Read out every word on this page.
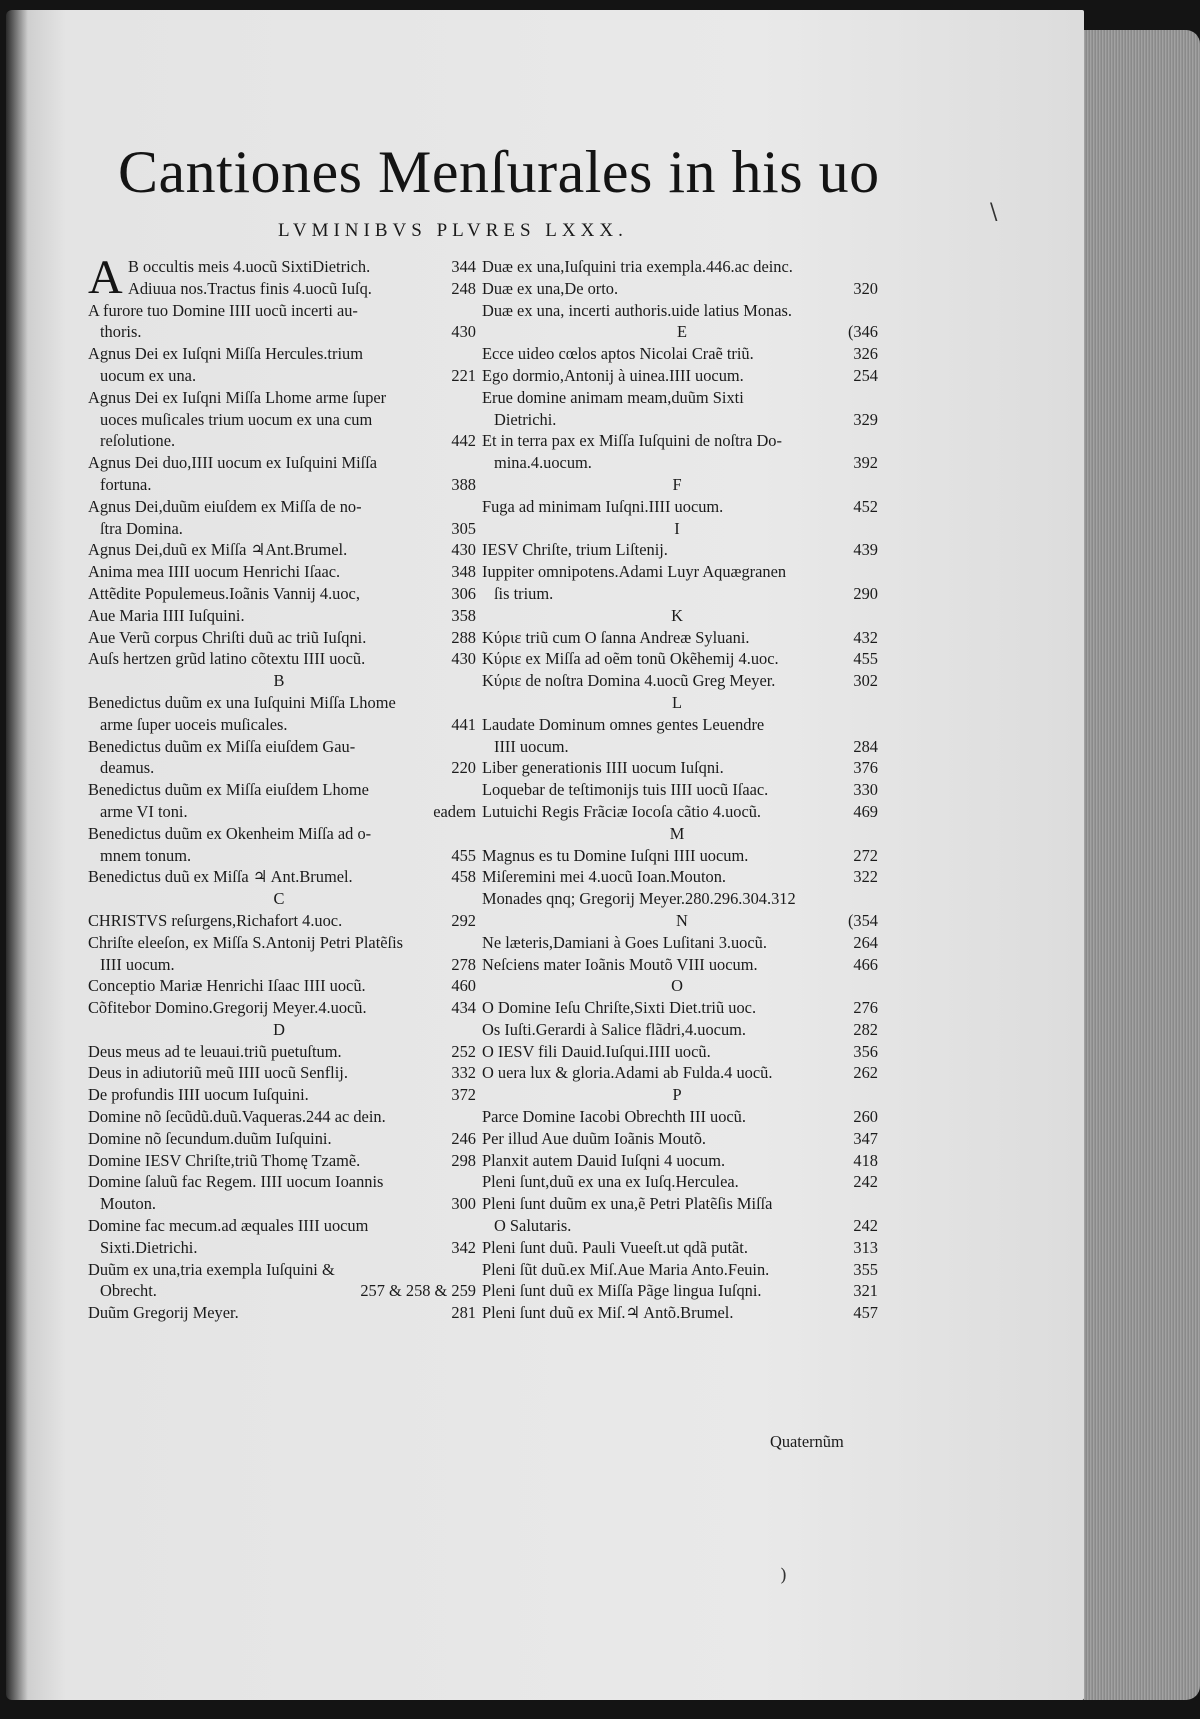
Cantiones Menſurales in his uo
LVMINIBVS PLVRES LXXX.
A B occultis meis 4.uocũ SixtiDietrich.	344
Adiuua nos.Tractus finis 4.uocũ Iuſq.	248
A furore tuo Domine IIII uocũ incerti au-
thoris.	430
Agnus Dei ex Iuſqni Miſſa Hercules.trium
uocum ex una.	221
Agnus Dei ex Iuſqni Miſſa Lhome arme ſuper
uoces muſicales trium uocum ex una cum
reſolutione.	442
Agnus Dei duo,IIII uocum ex Iuſquini Miſſa
fortuna.	388
Agnus Dei,duũm eiuſdem ex Miſſa de no-
ſtra Domina.	305
Agnus Dei,duũ ex Miſſa ♃Ant.Brumel.	430
Anima mea IIII uocum Henrichi Iſaac.	348
Attẽdite Populemeus.Ioãnis Vannij 4.uoc,	306
Aue Maria IIII Iuſquini.	358
Aue Verũ corpus Chriſti duũ ac triũ Iuſqni.	288
Auſs hertzen grũd latino cõtextu IIII uocũ.	430
B
Benedictus duũm ex una Iuſquini Miſſa Lhome
arme ſuper uoceis muſicales.	441
Benedictus duũm ex Miſſa eiuſdem Gau-
deamus.	220
Benedictus duũm ex Miſſa eiuſdem Lhome
arme VI toni.	eadem
Benedictus duũm ex Okenheim Miſſa ad o-
mnem tonum.	455
Benedictus duũ ex Miſſa ♃ Ant.Brumel.	458
C
CHRISTVS reſurgens,Richafort 4.uoc.	292
Chriſte eleeſon, ex Miſſa S.Antonij Petri Platẽſis
IIII uocum.	278
Conceptio Mariæ Henrichi Iſaac IIII uocũ.	460
Cõfitebor Domino.Gregorij Meyer.4.uocũ.	434
D
Deus meus ad te leuaui.triũ puetuſtum.	252
Deus in adiutoriũ meũ IIII uocũ Senflij.	332
De profundis IIII uocum Iuſquini.	372
Domine nõ ſecũdũ.duũ.Vaqueras.244 ac dein.
Domine nõ ſecundum.duũm Iuſquini.	246
Domine IESV Chriſte,triũ Thomę Tzamẽ.	298
Domine ſaluũ fac Regem. IIII uocum Ioannis
Mouton.	300
Domine fac mecum.ad æquales IIII uocum
Sixti.Dietrichi.	342
Duũm ex una,tria exempla Iuſquini &
Obrecht.	257 & 258 & 259
Duũm Gregorij Meyer.	281
Duæ ex una,Iuſquini tria exempla.446.ac deinc.
Duæ ex una,De orto.	320
Duæ ex una, incerti authoris.uide latius Monas.
E	(346
Ecce uideo cœlos aptos Nicolai Craẽ triũ.	326
Ego dormio,Antonij à uinea.IIII uocum.	254
Erue domine animam meam,duũm Sixti
Dietrichi.	329
Et in terra pax ex Miſſa Iuſquini de noſtra Do-
mina.4.uocum.	392
F
Fuga ad minimam Iuſqni.IIII uocum.	452
I
IESV Chriſte, trium Liſtenij.	439
Iuppiter omnipotens.Adami Luyr Aquægranen
ſis trium.	290
K
Κύριε triũ cum O ſanna Andreæ Syluani.	432
Κύριε ex Miſſa ad oẽm tonũ Okẽhemij 4.uoc.	455
Κύριε de noſtra Domina 4.uocũ Greg Meyer.	302
L
Laudate Dominum omnes gentes Leuendre
IIII uocum.	284
Liber generationis IIII uocum Iuſqni.	376
Loquebar de teſtimonijs tuis IIII uocũ Iſaac.	330
Lutuichi Regis Frãciæ Iocoſa cãtio 4.uocũ.	469
M
Magnus es tu Domine Iuſqni IIII uocum.	272
Miſeremini mei 4.uocũ Ioan.Mouton.	322
Monades qnq; Gregorij Meyer.280.296.304.312
N	(354
Ne læteris,Damiani à Goes Luſitani 3.uocũ.	264
Neſciens mater Ioãnis Moutõ VIII uocum.	466
O
O Domine Ieſu Chriſte,Sixti Diet.triũ uoc.	276
Os Iuſti.Gerardi à Salice flãdri,4.uocum.	282
O IESV fili Dauid.Iuſqui.IIII uocũ.	356
O uera lux & gloria.Adami ab Fulda.4 uocũ.	262
P
Parce Domine Iacobi Obrechth III uocũ.	260
Per illud Aue duũm Ioãnis Moutõ.	347
Planxit autem Dauid Iuſqni 4 uocum.	418
Pleni ſunt,duũ ex una ex Iuſq.Herculea.	242
Pleni ſunt duũm ex una,ẽ Petri Platẽſis Miſſa
O Salutaris.	242
Pleni ſunt duũ. Pauli Vueeſt.ut qdã putãt.	313
Pleni ſũt duũ.ex Miſ.Aue Maria Anto.Feuin.	355
Pleni ſunt duũ ex Miſſa Pãge lingua Iuſqni.	321
Pleni ſunt duũ ex Miſ.♃ Antõ.Brumel.	457
Quaternũm
\
)
